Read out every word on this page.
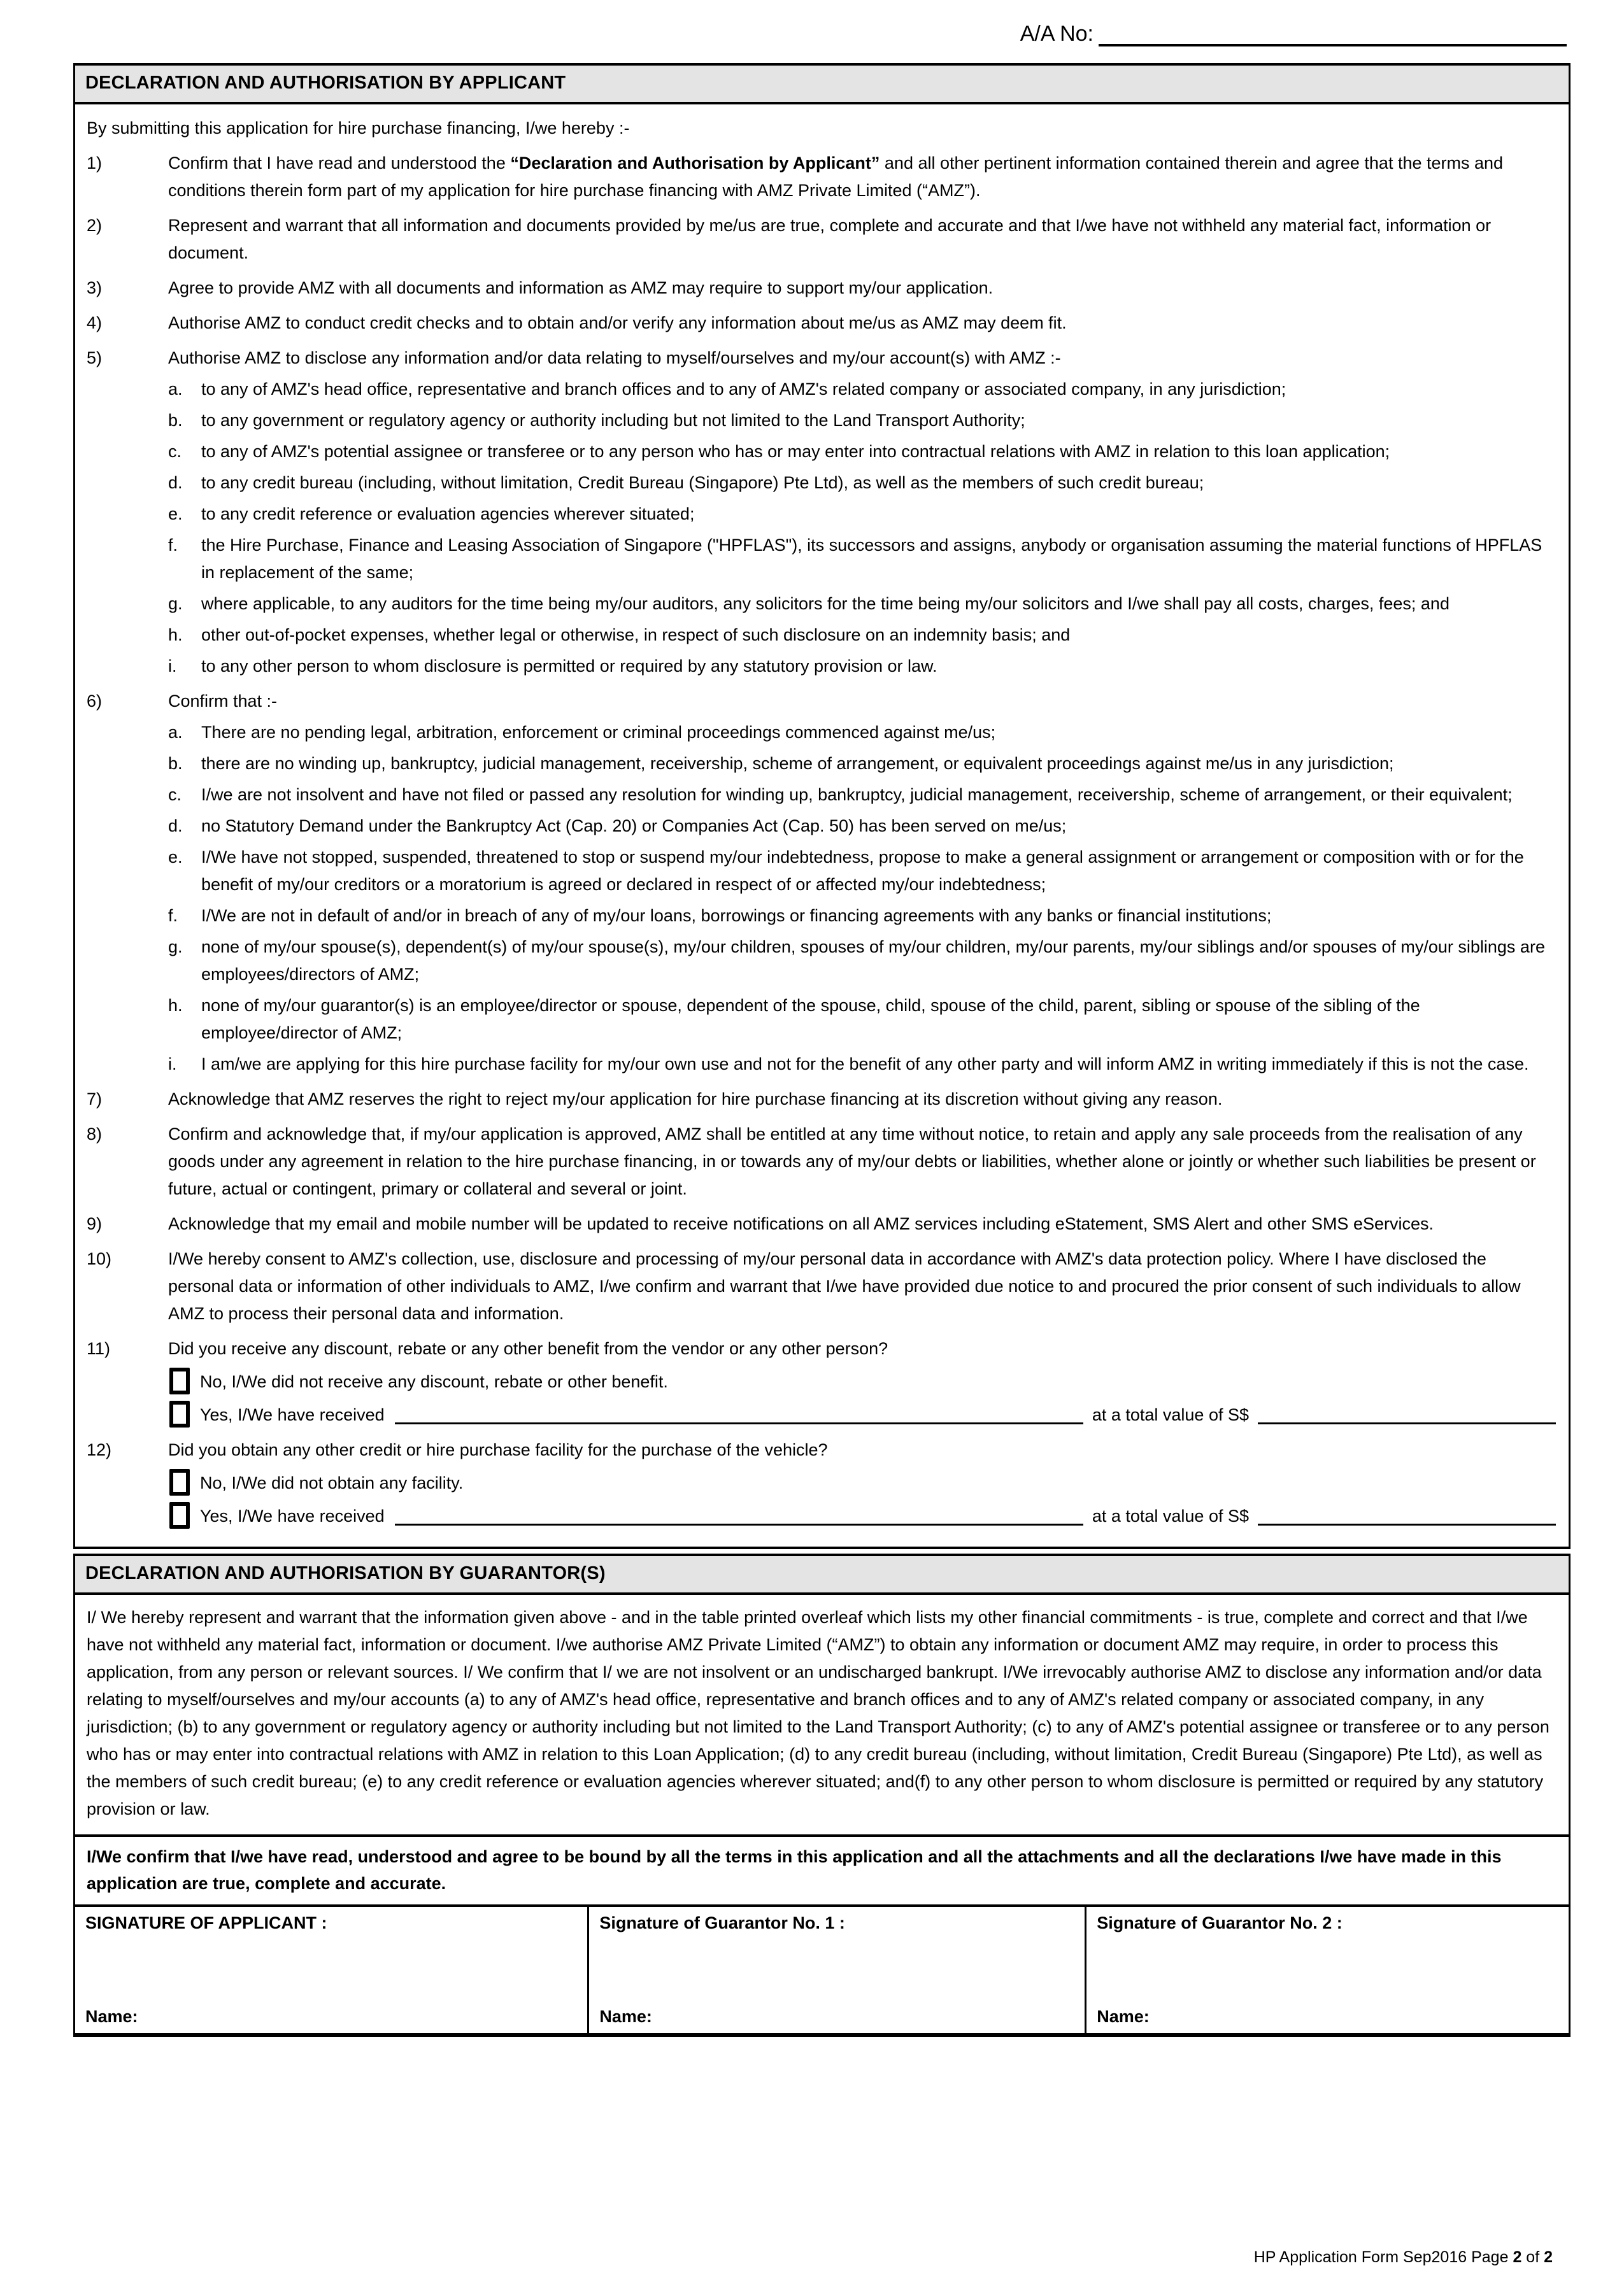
A/A No:
DECLARATION AND AUTHORISATION BY APPLICANT
By submitting this application for hire purchase financing, I/we hereby :-
1)	Confirm that I have read and understood the “Declaration and Authorisation by Applicant” and all other pertinent information contained therein and agree that the terms and conditions therein form part of my application for hire purchase financing with AMZ Private Limited (“AMZ”).
2)	Represent and warrant that all information and documents provided by me/us are true, complete and accurate and that I/we have not withheld any material fact, information or document.
3)	Agree to provide AMZ with all documents and information as AMZ may require to support my/our application.
4)	Authorise AMZ to conduct credit checks and to obtain and/or verify any information about me/us as AMZ may deem fit.
5)	Authorise AMZ to disclose any information and/or data relating to myself/ourselves and my/our account(s) with AMZ :-
a.	to any of AMZ's head office, representative and branch offices and to any of AMZ's related company or associated company, in any jurisdiction;
b.	to any government or regulatory agency or authority including but not limited to the Land Transport Authority;
c.	to any of AMZ's potential assignee or transferee or to any person who has or may enter into contractual relations with AMZ in relation to this loan application;
d.	to any credit bureau (including, without limitation, Credit Bureau (Singapore) Pte Ltd), as well as the members of such credit bureau;
e.	to any credit reference or evaluation agencies wherever situated;
f.	the Hire Purchase, Finance and Leasing Association of Singapore ("HPFLAS"), its successors and assigns, anybody or organisation assuming the material functions of HPFLAS in replacement of the same;
g.	where applicable, to any auditors for the time being my/our auditors, any solicitors for the time being my/our solicitors and I/we shall pay all costs, charges, fees; and
h.	other out-of-pocket expenses, whether legal or otherwise, in respect of such disclosure on an indemnity basis; and
i.	to any other person to whom disclosure is permitted or required by any statutory provision or law.
6)	Confirm that :-
a.	There are no pending legal, arbitration, enforcement or criminal proceedings commenced against me/us;
b.	there are no winding up, bankruptcy, judicial management, receivership, scheme of arrangement, or equivalent proceedings against me/us in any jurisdiction;
c.	I/we are not insolvent and have not filed or passed any resolution for winding up, bankruptcy, judicial management, receivership, scheme of arrangement, or their equivalent;
d.	no Statutory Demand under the Bankruptcy Act (Cap. 20) or Companies Act (Cap. 50) has been served on me/us;
e.	I/We have not stopped, suspended, threatened to stop or suspend my/our indebtedness, propose to make a general assignment or arrangement or composition with or for the benefit of my/our creditors or a moratorium is agreed or declared in respect of or affected my/our indebtedness;
f.	I/We are not in default of and/or in breach of any of my/our loans, borrowings or financing agreements with any banks or financial institutions;
g.	none of my/our spouse(s), dependent(s) of my/our spouse(s), my/our children, spouses of my/our children, my/our parents, my/our siblings and/or spouses of my/our siblings are employees/directors of AMZ;
h.	none of my/our guarantor(s) is an employee/director or spouse, dependent of the spouse, child, spouse of the child, parent, sibling or spouse of the sibling of the employee/director of AMZ;
i.	I am/we are applying for this hire purchase facility for my/our own use and not for the benefit of any other party and will inform AMZ in writing immediately if this is not the case.
7)	Acknowledge that AMZ reserves the right to reject my/our application for hire purchase financing at its discretion without giving any reason.
8)	Confirm and acknowledge that, if my/our application is approved, AMZ shall be entitled at any time without notice, to retain and apply any sale proceeds from the realisation of any goods under any agreement in relation to the hire purchase financing, in or towards any of my/our debts or liabilities, whether alone or jointly or whether such liabilities be present or future, actual or contingent, primary or collateral and several or joint.
9)	Acknowledge that my email and mobile number will be updated to receive notifications on all AMZ services including eStatement, SMS Alert and other SMS eServices.
10)	I/We hereby consent to AMZ's collection, use, disclosure and processing of my/our personal data in accordance with AMZ's data protection policy. Where I have disclosed the personal data or information of other individuals to AMZ, I/we confirm and warrant that I/we have provided due notice to and procured the prior consent of such individuals to allow AMZ to process their personal data and information.
11)	Did you receive any discount, rebate or any other benefit from the vendor or any other person?
No, I/We did not receive any discount, rebate or other benefit.
Yes, I/We have received	at a total value of S$
12)	Did you obtain any other credit or hire purchase facility for the purchase of the vehicle?
No, I/We did not obtain any facility.
Yes, I/We have received	at a total value of S$
DECLARATION AND AUTHORISATION BY GUARANTOR(S)
I/ We hereby represent and warrant that the information given above - and in the table printed overleaf which lists my other financial commitments - is true, complete and correct and that I/we have not withheld any material fact, information or document. I/we authorise AMZ Private Limited (“AMZ”) to obtain any information or document AMZ may require, in order to process this application, from any person or relevant sources. I/ We confirm that I/ we are not insolvent or an undischarged bankrupt. I/We irrevocably authorise AMZ to disclose any information and/or data relating to myself/ourselves and my/our accounts (a) to any of AMZ's head office, representative and branch offices and to any of AMZ's related company or associated company, in any jurisdiction; (b) to any government or regulatory agency or authority including but not limited to the Land Transport Authority; (c) to any of AMZ's potential assignee or transferee or to any person who has or may enter into contractual relations with AMZ in relation to this Loan Application; (d) to any credit bureau (including, without limitation, Credit Bureau (Singapore) Pte Ltd), as well as the members of such credit bureau; (e) to any credit reference or evaluation agencies wherever situated; and(f) to any other person to whom disclosure is permitted or required by any statutory provision or law.
I/We confirm that I/we have read, understood and agree to be bound by all the terms in this application and all the attachments and all the declarations I/we have made in this application are true, complete and accurate.
SIGNATURE OF APPLICANT :
Name:
Signature of Guarantor No. 1 :
Name:
Signature of Guarantor No. 2 :
Name:
HP Application Form Sep2016 Page 2 of 2
